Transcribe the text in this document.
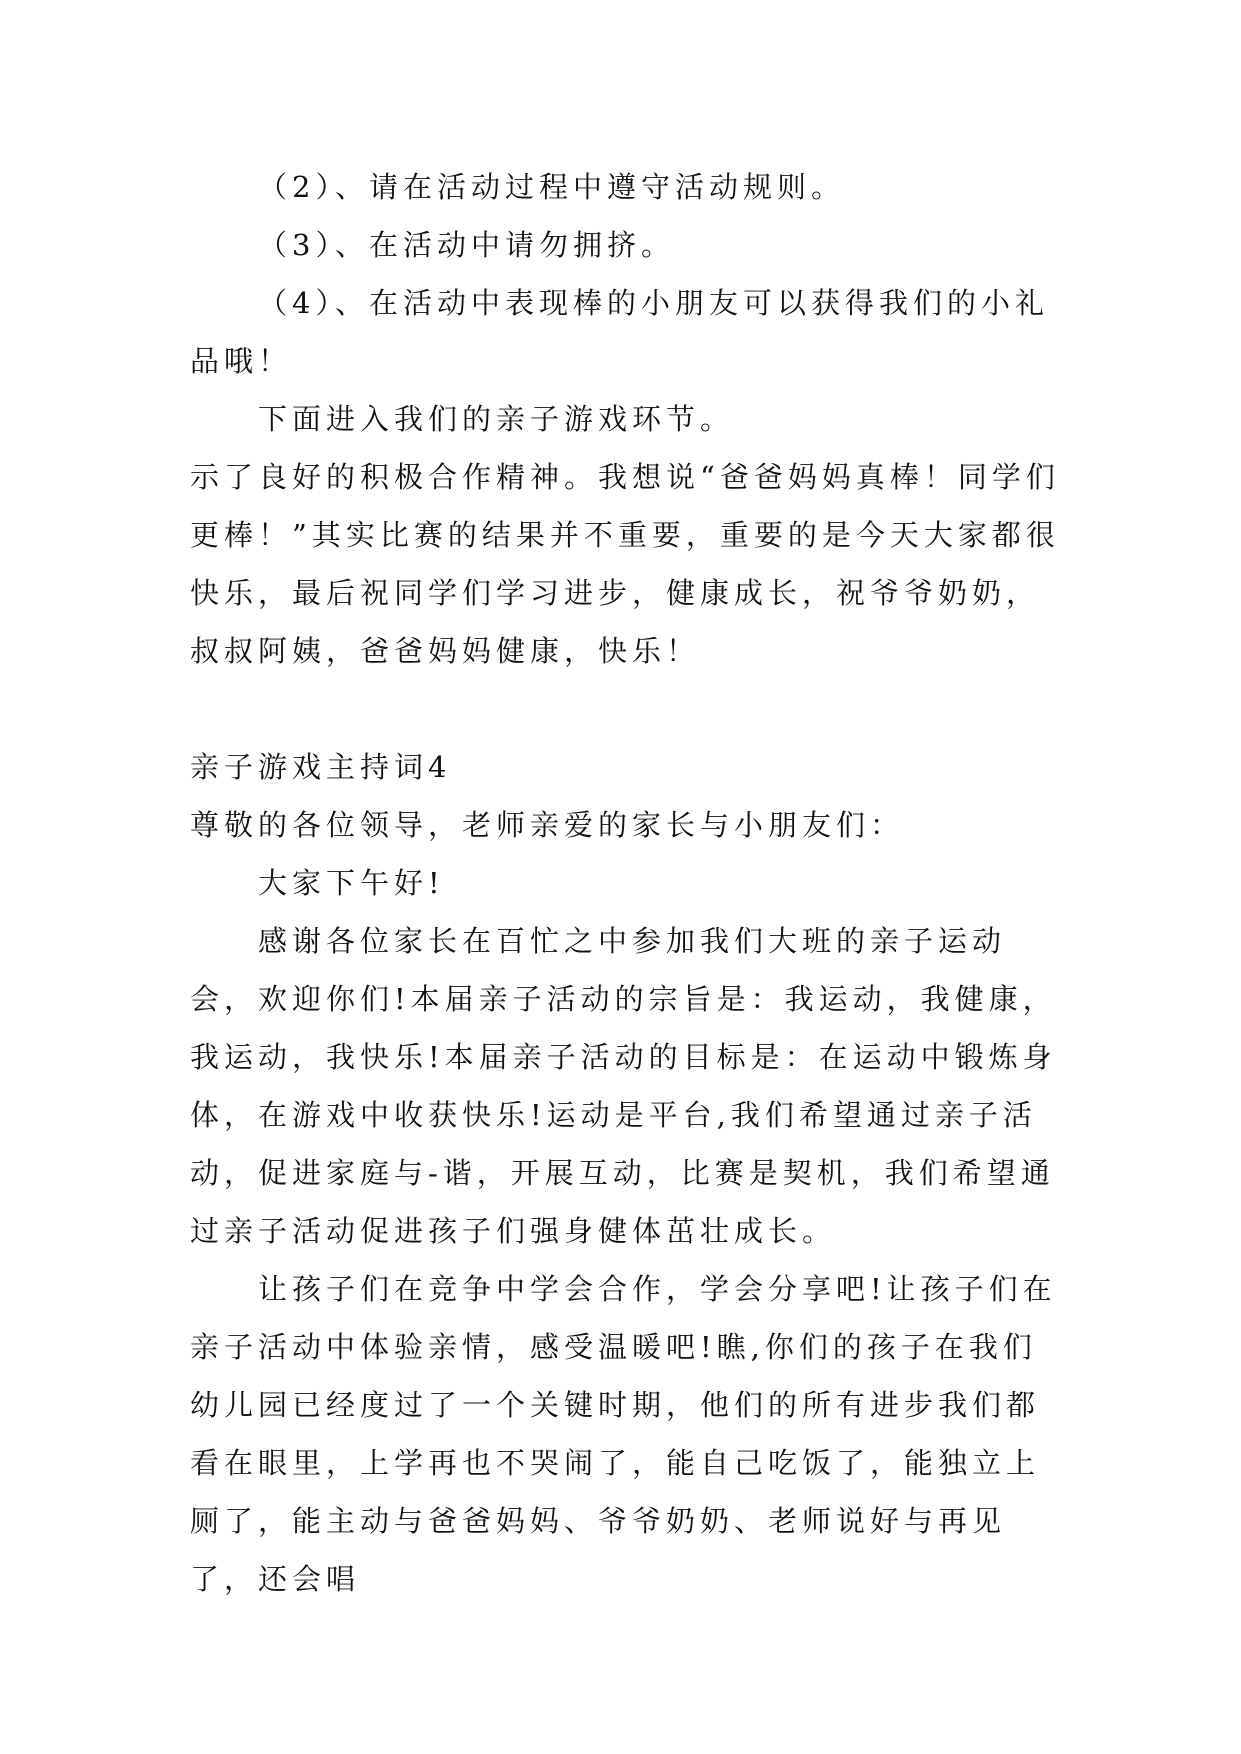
（2）、请在活动过程中遵守活动规则。

（3）、在活动中请勿拥挤。

（4）、在活动中表现棒的小朋友可以获得我们的小礼品哦！

下面进入我们的亲子游戏环节。

示了良好的积极合作精神。我想说“爸爸妈妈真棒！同学们更棒！”其实比赛的结果并不重要，重要的是今天大家都很快乐，最后祝同学们学习进步，健康成长，祝爷爷奶奶，叔叔阿姨，爸爸妈妈健康，快乐！

亲子游戏主持词4

尊敬的各位领导，老师亲爱的家长与小朋友们：

大家下午好!

感谢各位家长在百忙之中参加我们大班的亲子运动会，欢迎你们!本届亲子活动的宗旨是：我运动，我健康，我运动，我快乐!本届亲子活动的目标是：在运动中锻炼身体，在游戏中收获快乐!运动是平台,我们希望通过亲子活动，促进家庭与-谐，开展互动，比赛是契机，我们希望通过亲子活动促进孩子们强身健体茁壮成长。

让孩子们在竞争中学会合作，学会分享吧!让孩子们在亲子活动中体验亲情，感受温暖吧!瞧,你们的孩子在我们幼儿园已经度过了一个关键时期，他们的所有进步我们都看在眼里，上学再也不哭闹了，能自己吃饭了，能独立上厕了，能主动与爸爸妈妈、爷爷奶奶、老师说好与再见了，还会唱
